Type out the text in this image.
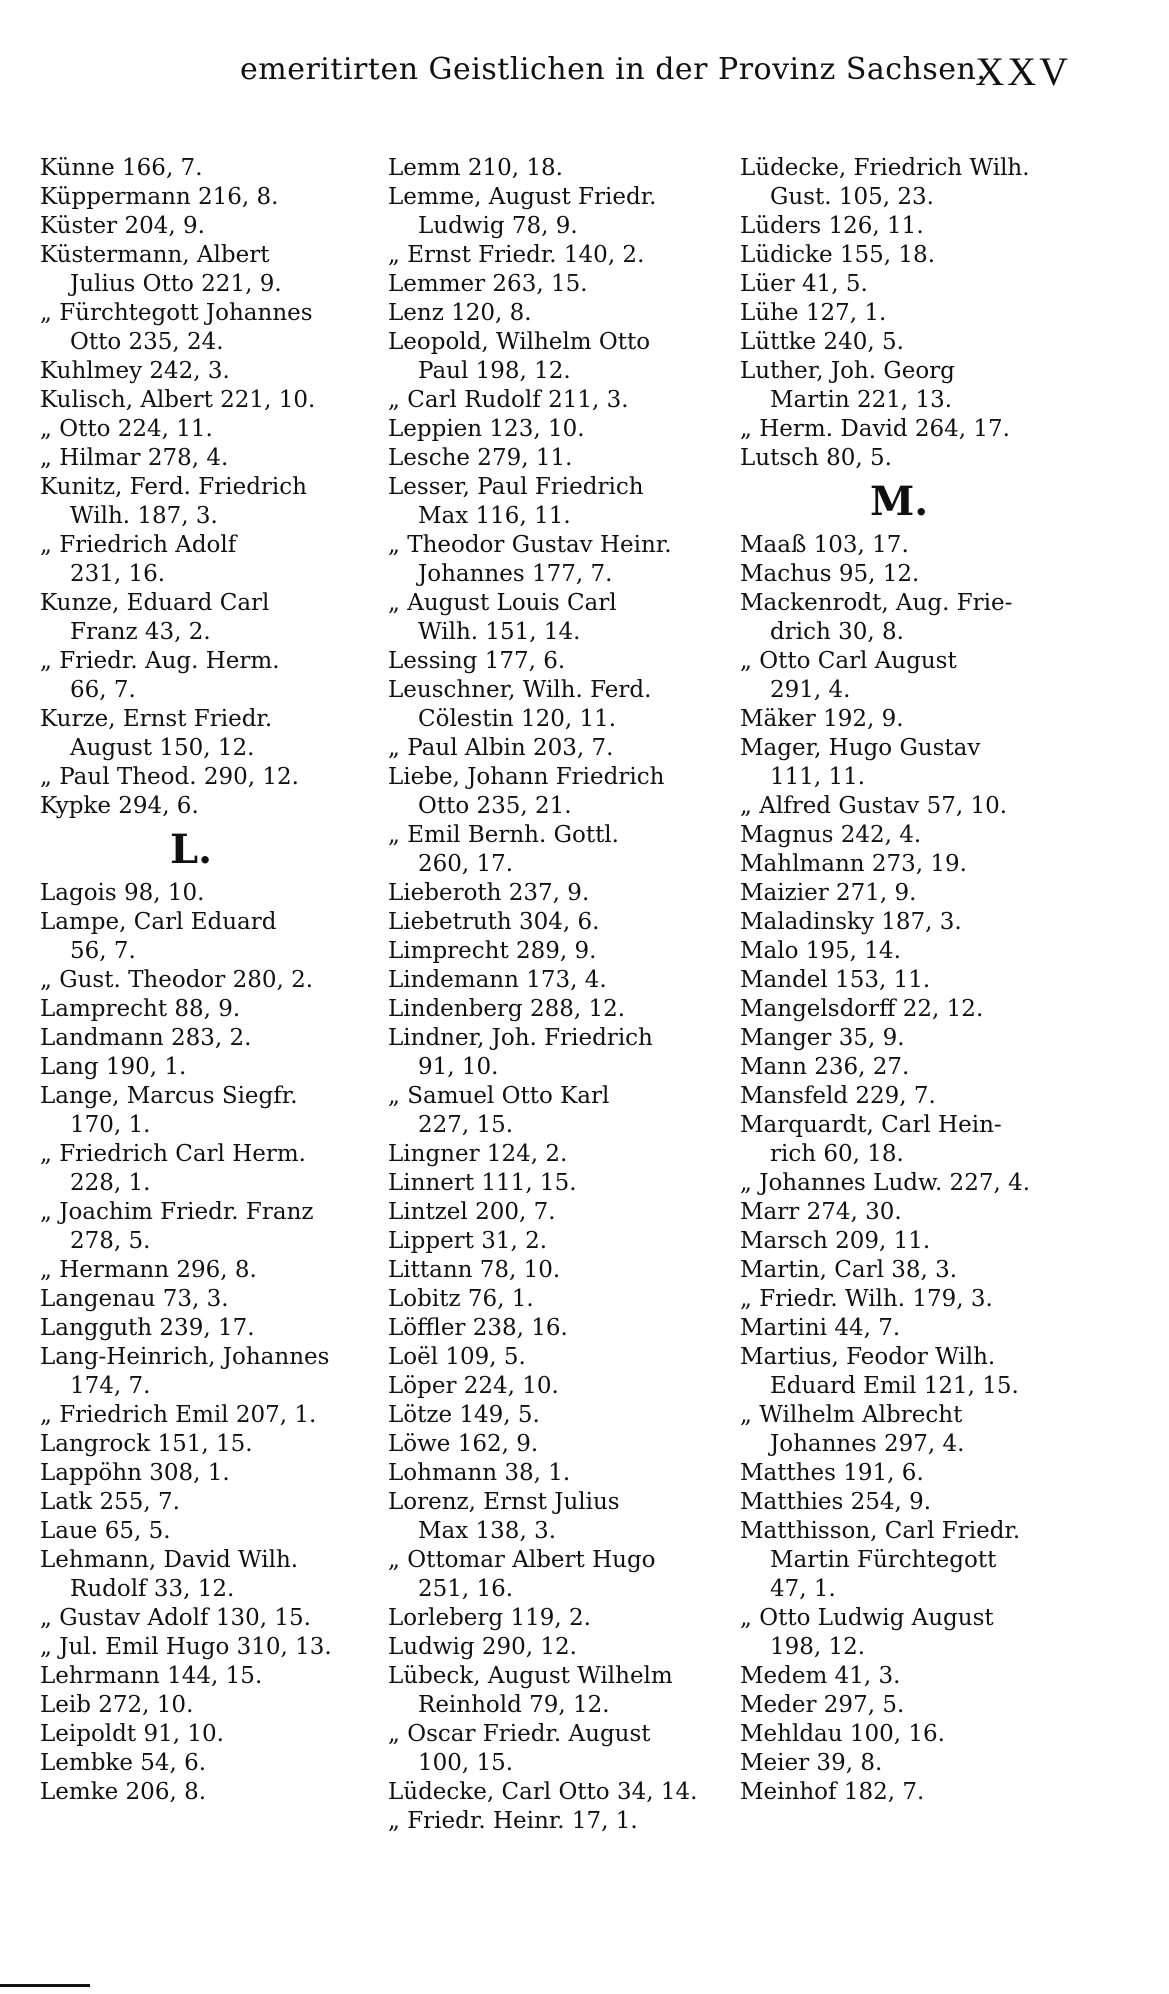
emeritirten Geistlichen in der Provinz Sachsen.
XXV
Künne 166, 7.
Küppermann 216, 8.
Küster 204, 9.
Küstermann, Albert
Julius Otto 221, 9.
„ Fürchtegott Johannes
Otto 235, 24.
Kuhlmey 242, 3.
Kulisch, Albert 221, 10.
„ Otto 224, 11.
„ Hilmar 278, 4.
Kunitz, Ferd. Friedrich
Wilh. 187, 3.
„ Friedrich Adolf
231, 16.
Kunze, Eduard Carl
Franz 43, 2.
„ Friedr. Aug. Herm.
66, 7.
Kurze, Ernst Friedr.
August 150, 12.
„ Paul Theod. 290, 12.
Kypke 294, 6.
L.
Lagois 98, 10.
Lampe, Carl Eduard
56, 7.
„ Gust. Theodor 280, 2.
Lamprecht 88, 9.
Landmann 283, 2.
Lang 190, 1.
Lange, Marcus Siegfr.
170, 1.
„ Friedrich Carl Herm.
228, 1.
„ Joachim Friedr. Franz
278, 5.
„ Hermann 296, 8.
Langenau 73, 3.
Langguth 239, 17.
Lang-Heinrich, Johannes
174, 7.
„ Friedrich Emil 207, 1.
Langrock 151, 15.
Lappöhn 308, 1.
Latk 255, 7.
Laue 65, 5.
Lehmann, David Wilh.
Rudolf 33, 12.
„ Gustav Adolf 130, 15.
„ Jul. Emil Hugo 310, 13.
Lehrmann 144, 15.
Leib 272, 10.
Leipoldt 91, 10.
Lembke 54, 6.
Lemke 206, 8.
Lemm 210, 18.
Lemme, August Friedr.
Ludwig 78, 9.
„ Ernst Friedr. 140, 2.
Lemmer 263, 15.
Lenz 120, 8.
Leopold, Wilhelm Otto
Paul 198, 12.
„ Carl Rudolf 211, 3.
Leppien 123, 10.
Lesche 279, 11.
Lesser, Paul Friedrich
Max 116, 11.
„ Theodor Gustav Heinr.
Johannes 177, 7.
„ August Louis Carl
Wilh. 151, 14.
Lessing 177, 6.
Leuschner, Wilh. Ferd.
Cölestin 120, 11.
„ Paul Albin 203, 7.
Liebe, Johann Friedrich
Otto 235, 21.
„ Emil Bernh. Gottl.
260, 17.
Lieberoth 237, 9.
Liebetruth 304, 6.
Limprecht 289, 9.
Lindemann 173, 4.
Lindenberg 288, 12.
Lindner, Joh. Friedrich
91, 10.
„ Samuel Otto Karl
227, 15.
Lingner 124, 2.
Linnert 111, 15.
Lintzel 200, 7.
Lippert 31, 2.
Littann 78, 10.
Lobitz 76, 1.
Löffler 238, 16.
Loël 109, 5.
Löper 224, 10.
Lötze 149, 5.
Löwe 162, 9.
Lohmann 38, 1.
Lorenz, Ernst Julius
Max 138, 3.
„ Ottomar Albert Hugo
251, 16.
Lorleberg 119, 2.
Ludwig 290, 12.
Lübeck, August Wilhelm
Reinhold 79, 12.
„ Oscar Friedr. August
100, 15.
Lüdecke, Carl Otto 34, 14.
„ Friedr. Heinr. 17, 1.
Lüdecke, Friedrich Wilh.
Gust. 105, 23.
Lüders 126, 11.
Lüdicke 155, 18.
Lüer 41, 5.
Lühe 127, 1.
Lüttke 240, 5.
Luther, Joh. Georg
Martin 221, 13.
„ Herm. David 264, 17.
Lutsch 80, 5.
M.
Maaß 103, 17.
Machus 95, 12.
Mackenrodt, Aug. Frie-
drich 30, 8.
„ Otto Carl August
291, 4.
Mäker 192, 9.
Mager, Hugo Gustav
111, 11.
„ Alfred Gustav 57, 10.
Magnus 242, 4.
Mahlmann 273, 19.
Maizier 271, 9.
Maladinsky 187, 3.
Malo 195, 14.
Mandel 153, 11.
Mangelsdorff 22, 12.
Manger 35, 9.
Mann 236, 27.
Mansfeld 229, 7.
Marquardt, Carl Hein-
rich 60, 18.
„ Johannes Ludw. 227, 4.
Marr 274, 30.
Marsch 209, 11.
Martin, Carl 38, 3.
„ Friedr. Wilh. 179, 3.
Martini 44, 7.
Martius, Feodor Wilh.
Eduard Emil 121, 15.
„ Wilhelm Albrecht
Johannes 297, 4.
Matthes 191, 6.
Matthies 254, 9.
Matthisson, Carl Friedr.
Martin Fürchtegott
47, 1.
„ Otto Ludwig August
198, 12.
Medem 41, 3.
Meder 297, 5.
Mehldau 100, 16.
Meier 39, 8.
Meinhof 182, 7.
